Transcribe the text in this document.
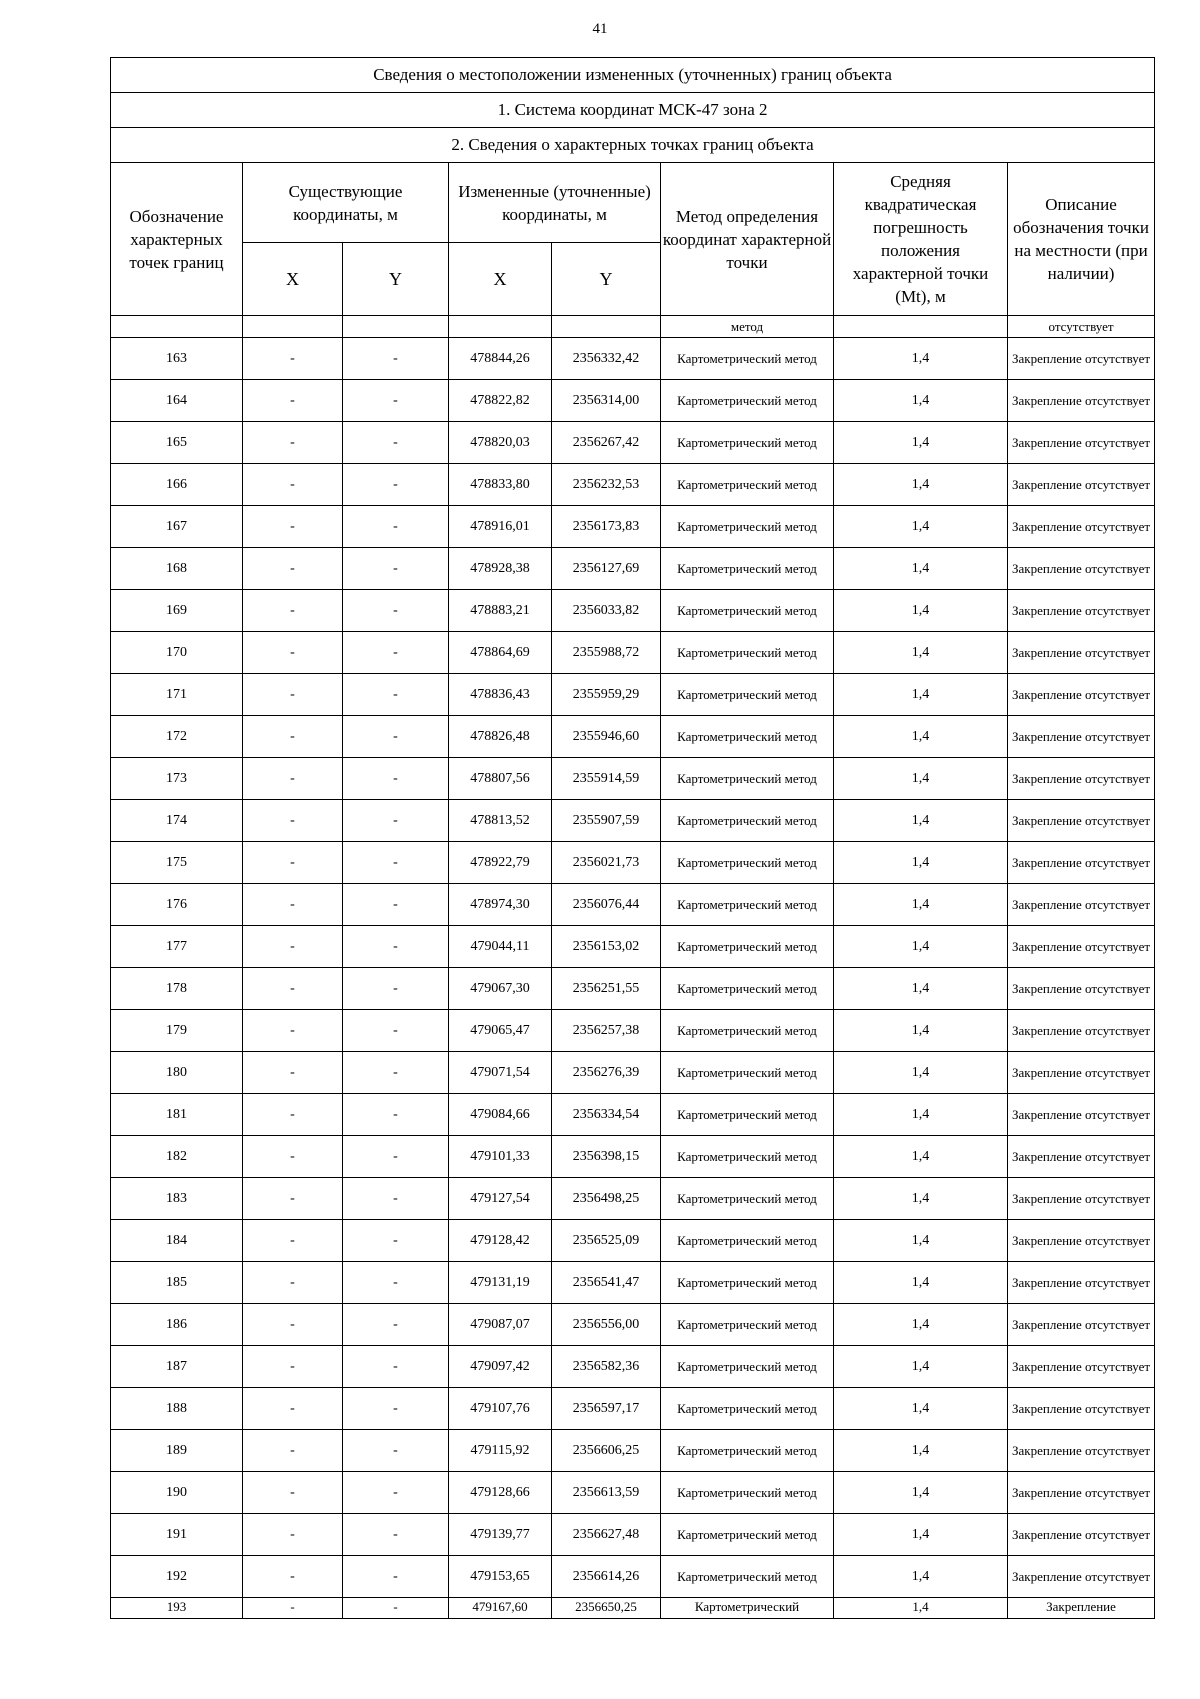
41
Сведения о местоположении измененных (уточненных) границ объекта							
1. Система координат МСК-47 зона 2							
2. Сведения о характерных точках границ объекта							
Обозначение характерных точек границ	Существующие координаты, м		Измененные (уточненные) координаты, м		Метод определения координат характерной точки	Средняя квадратическая погрешность положения характерной точки (Mt), м	Описание обозначения точки на местности (при наличии)
	X	Y	X	Y			
					метод		отсутствует
163	-	-	478844,26	2356332,42	Картометрический метод	1,4	Закрепление отсутствует
164	-	-	478822,82	2356314,00	Картометрический метод	1,4	Закрепление отсутствует
165	-	-	478820,03	2356267,42	Картометрический метод	1,4	Закрепление отсутствует
166	-	-	478833,80	2356232,53	Картометрический метод	1,4	Закрепление отсутствует
167	-	-	478916,01	2356173,83	Картометрический метод	1,4	Закрепление отсутствует
168	-	-	478928,38	2356127,69	Картометрический метод	1,4	Закрепление отсутствует
169	-	-	478883,21	2356033,82	Картометрический метод	1,4	Закрепление отсутствует
170	-	-	478864,69	2355988,72	Картометрический метод	1,4	Закрепление отсутствует
171	-	-	478836,43	2355959,29	Картометрический метод	1,4	Закрепление отсутствует
172	-	-	478826,48	2355946,60	Картометрический метод	1,4	Закрепление отсутствует
173	-	-	478807,56	2355914,59	Картометрический метод	1,4	Закрепление отсутствует
174	-	-	478813,52	2355907,59	Картометрический метод	1,4	Закрепление отсутствует
175	-	-	478922,79	2356021,73	Картометрический метод	1,4	Закрепление отсутствует
176	-	-	478974,30	2356076,44	Картометрический метод	1,4	Закрепление отсутствует
177	-	-	479044,11	2356153,02	Картометрический метод	1,4	Закрепление отсутствует
178	-	-	479067,30	2356251,55	Картометрический метод	1,4	Закрепление отсутствует
179	-	-	479065,47	2356257,38	Картометрический метод	1,4	Закрепление отсутствует
180	-	-	479071,54	2356276,39	Картометрический метод	1,4	Закрепление отсутствует
181	-	-	479084,66	2356334,54	Картометрический метод	1,4	Закрепление отсутствует
182	-	-	479101,33	2356398,15	Картометрический метод	1,4	Закрепление отсутствует
183	-	-	479127,54	2356498,25	Картометрический метод	1,4	Закрепление отсутствует
184	-	-	479128,42	2356525,09	Картометрический метод	1,4	Закрепление отсутствует
185	-	-	479131,19	2356541,47	Картометрический метод	1,4	Закрепление отсутствует
186	-	-	479087,07	2356556,00	Картометрический метод	1,4	Закрепление отсутствует
187	-	-	479097,42	2356582,36	Картометрический метод	1,4	Закрепление отсутствует
188	-	-	479107,76	2356597,17	Картометрический метод	1,4	Закрепление отсутствует
189	-	-	479115,92	2356606,25	Картометрический метод	1,4	Закрепление отсутствует
190	-	-	479128,66	2356613,59	Картометрический метод	1,4	Закрепление отсутствует
191	-	-	479139,77	2356627,48	Картометрический метод	1,4	Закрепление отсутствует
192	-	-	479153,65	2356614,26	Картометрический метод	1,4	Закрепление отсутствует
193	-	-	479167,60	2356650,25	Картометрический	1,4	Закрепление
